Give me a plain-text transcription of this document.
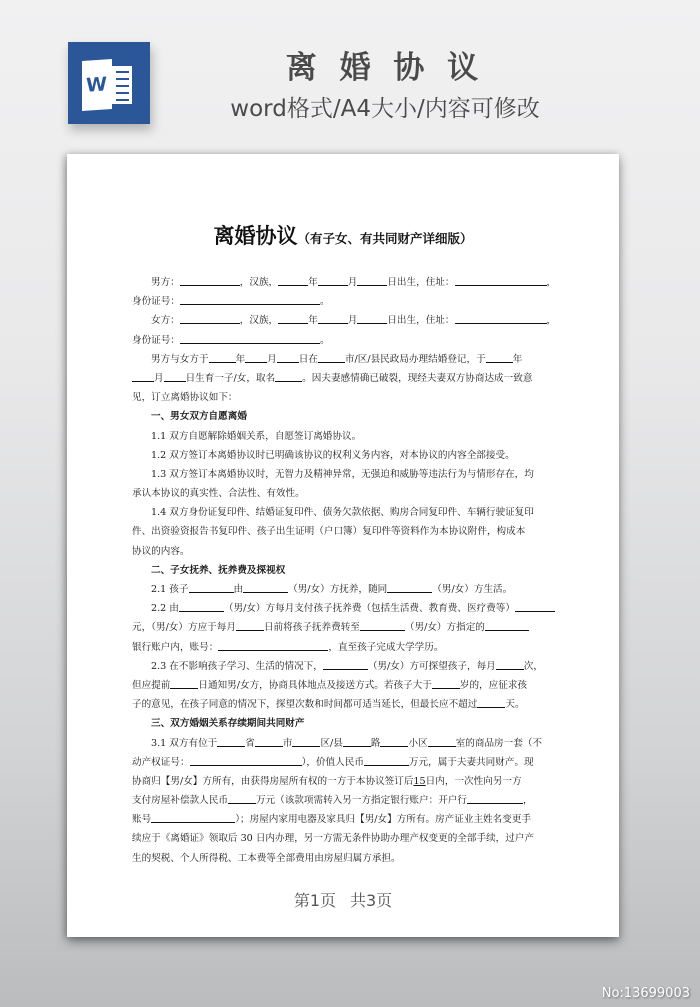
W	离 婚 协 议
word格式/A4大小/内容可修改
离婚协议（有子女、有共同财产详细版）
男方：	，汉族，	年	月	日出生，住址：	，
身份证号：	。
女方：	，汉族，	年	月	日出生，住址：	，
身份证号：	。
男方与女方于	年 月 日在	市/区/县民政局办理结婚登记，于	年
月 日生育一子/女，取名	。因夫妻感情确已破裂，现经夫妻双方协商达成一致意
见，订立离婚协议如下：
一、男女双方自愿离婚
1.1 双方自愿解除婚姻关系，自愿签订离婚协议。
1.2 双方签订本离婚协议时已明确该协议的权利义务内容，对本协议的内容全部接受。
1.3 双方签订本离婚协议时，无智力及精神异常，无强迫和威胁等违法行为与情形存在，均
承认本协议的真实性、合法性、有效性。
1.4 双方身份证复印件、结婚证复印件、债务欠款依据、购房合同复印件、车辆行驶证复印
件、出资验资报告书复印件、孩子出生证明（户口簿）复印件等资料作为本协议附件，构成本
协议的内容。
二、子女抚养、抚养费及探视权
2.1 孩子	由	（男/女）方抚养，随同	（男/女）方生活。
2.2 由	（男/女）方每月支付孩子抚养费（包括生活费、教育费、医疗费等）
元，（男/女）方应于每月	日前将孩子抚养费转至	（男/女）方指定的
银行账户内，账号：	，直至孩子完成大学学历。
2.3 在不影响孩子学习、生活的情况下，	（男/女）方可探望孩子，每月	次，
但应提前	日通知男/女方，协商具体地点及接送方式。若孩子大于	岁的，应征求孩
子的意见，在孩子同意的情况下，探望次数和时间都可适当延长，但最长应不超过	天。
三、双方婚姻关系存续期间共同财产
3.1 双方有位于	省	市	区/县	路	小区	室的商品房一套（不
动产权证号：	），价值人民币	万元，属于夫妻共同财产。现
协商归【男/女】方所有，由获得房屋所有权的一方于本协议签订后15日内，一次性向另一方
支付房屋补偿款人民币	万元（该款项需转入另一方指定银行账户：开户行	，
账号	）；房屋内家用电器及家具归【男/女】方所有。房产证业主姓名变更手
续应于《离婚证》领取后 30 日内办理，另一方需无条件协助办理产权变更的全部手续，过户产
生的契税、个人所得税、工本费等全部费用由房屋归属方承担。
第1页 共3页
No:13699003
